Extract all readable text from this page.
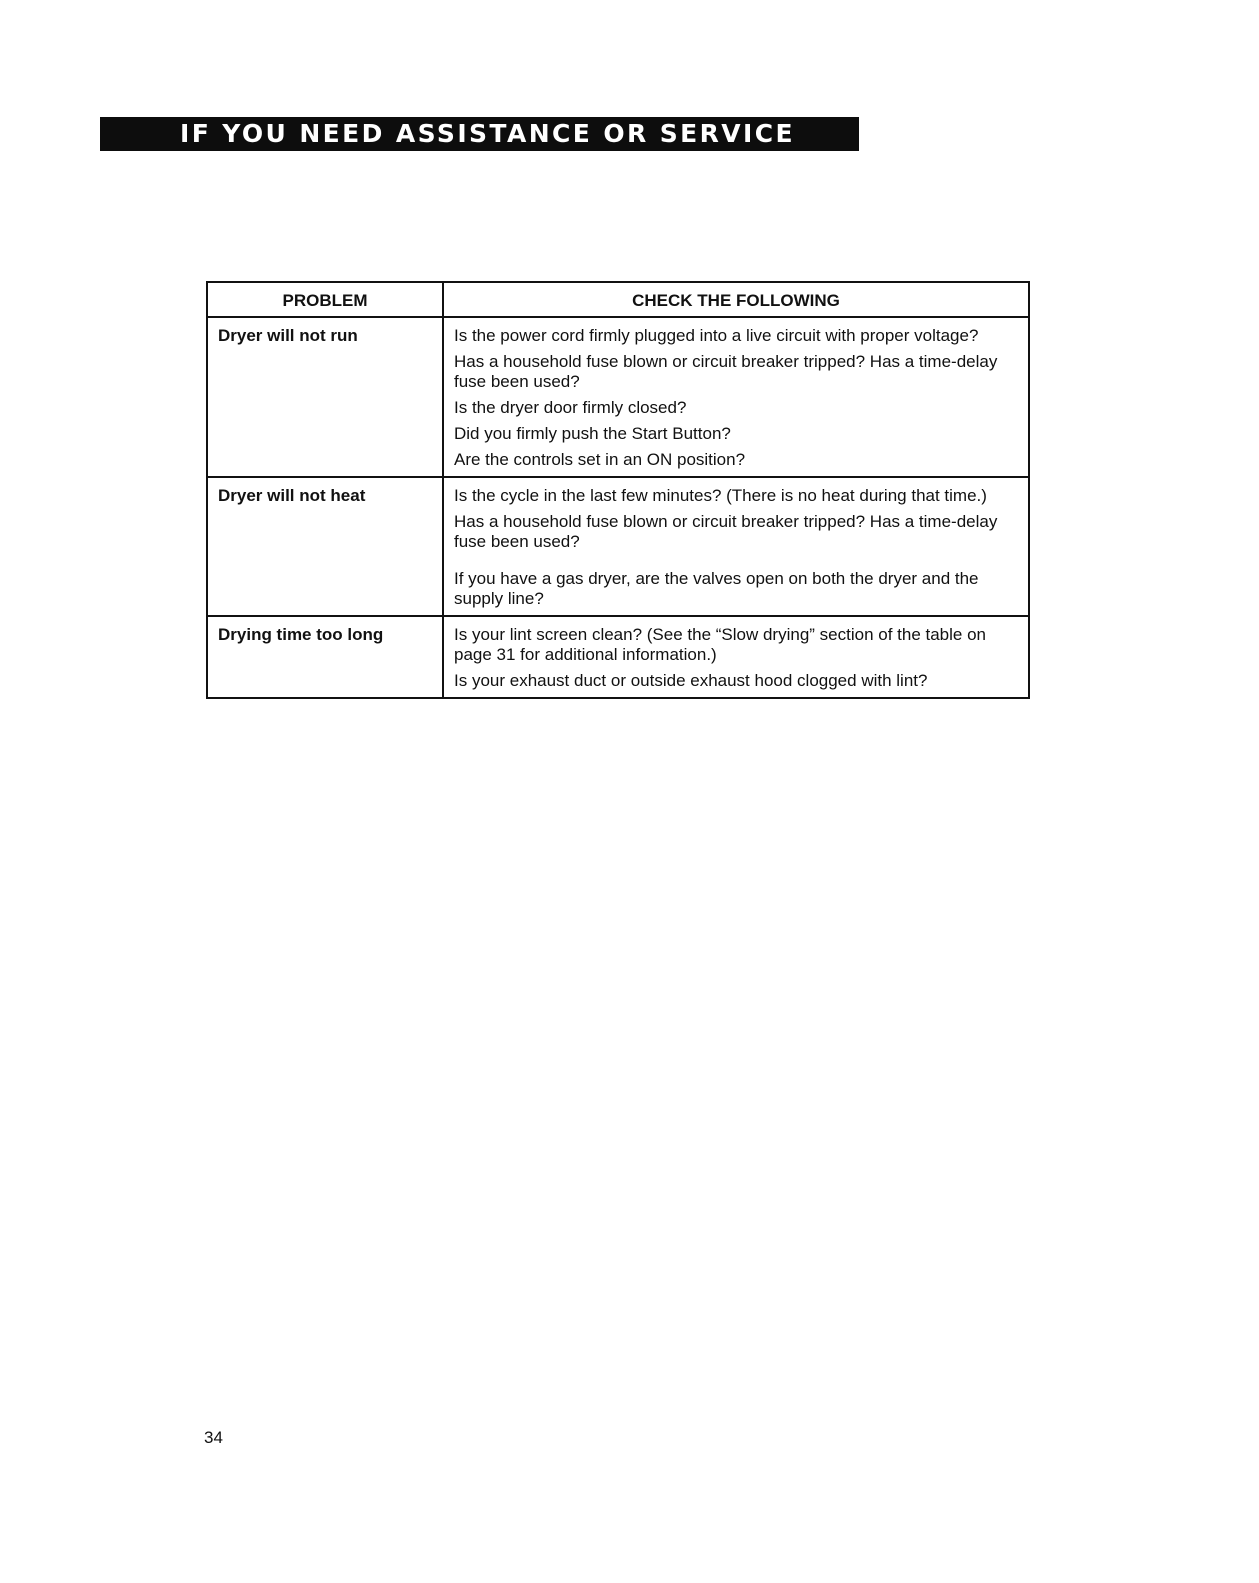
IF YOU NEED ASSISTANCE OR SERVICE
PROBLEM	CHECK THE FOLLOWING
Dryer will not run	Is the power cord firmly plugged into a live circuit with proper voltage?
Has a household fuse blown or circuit breaker tripped? Has a time-delay fuse been used?
Is the dryer door firmly closed?
Did you firmly push the Start Button?
Are the controls set in an ON position?

Dryer will not heat	Is the cycle in the last few minutes? (There is no heat during that time.)
Has a household fuse blown or circuit breaker tripped? Has a time-delay fuse been used?
If you have a gas dryer, are the valves open on both the dryer and the supply line?

Drying time too long	Is your lint screen clean? (See the “Slow drying” section of the table on page 31 for additional information.)
Is your exhaust duct or outside exhaust hood clogged with lint?
34
